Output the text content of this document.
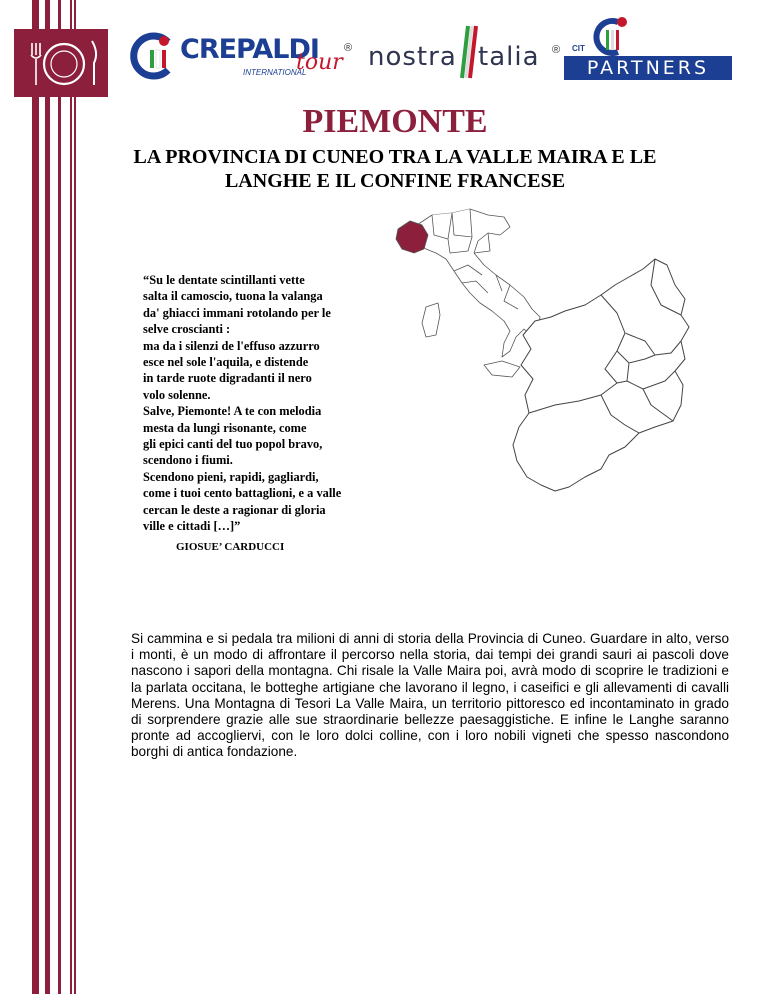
CREPALDI
tour
®
INTERNATIONAL
nostra talia ® CIT
PARTNERS
PIEMONTE
LA PROVINCIA DI CUNEO TRA LA VALLE MAIRA E LE LANGHE E IL CONFINE FRANCESE
“Su le dentate scintillanti vette
salta il camoscio, tuona la valanga
da' ghiacci immani rotolando per le
selve croscianti :
ma da i silenzi de l'effuso azzurro
esce nel sole l'aquila, e distende
in tarde ruote digradanti il nero
volo solenne.
Salve, Piemonte! A te con melodia
mesta da lungi risonante, come
gli epici canti del tuo popol bravo,
scendono i fiumi.
Scendono pieni, rapidi, gagliardi,
come i tuoi cento battaglioni, e a valle
cercan le deste a ragionar di gloria
ville e cittadi […]”
GIOSUE’ CARDUCCI

Si cammina e si pedala tra milioni di anni di storia della Provincia di Cuneo. Guardare in alto, verso i monti, è un modo di affrontare il percorso nella storia, dai tempi dei grandi sauri ai pascoli dove nascono i sapori della montagna. Chi risale la Valle Maira poi, avrà modo di scoprire le tradizioni e la parlata occitana, le botteghe artigiane che lavorano il legno, i caseifici e gli allevamenti di cavalli Merens. Una Montagna di Tesori La Valle Maira, un territorio pittoresco ed incontaminato in grado di sorprendere grazie alle sue straordinarie bellezze paesaggistiche. E infine le Langhe saranno pronte ad accogliervi, con le loro dolci colline, con i loro nobili vigneti che spesso nascondono borghi di antica fondazione.
